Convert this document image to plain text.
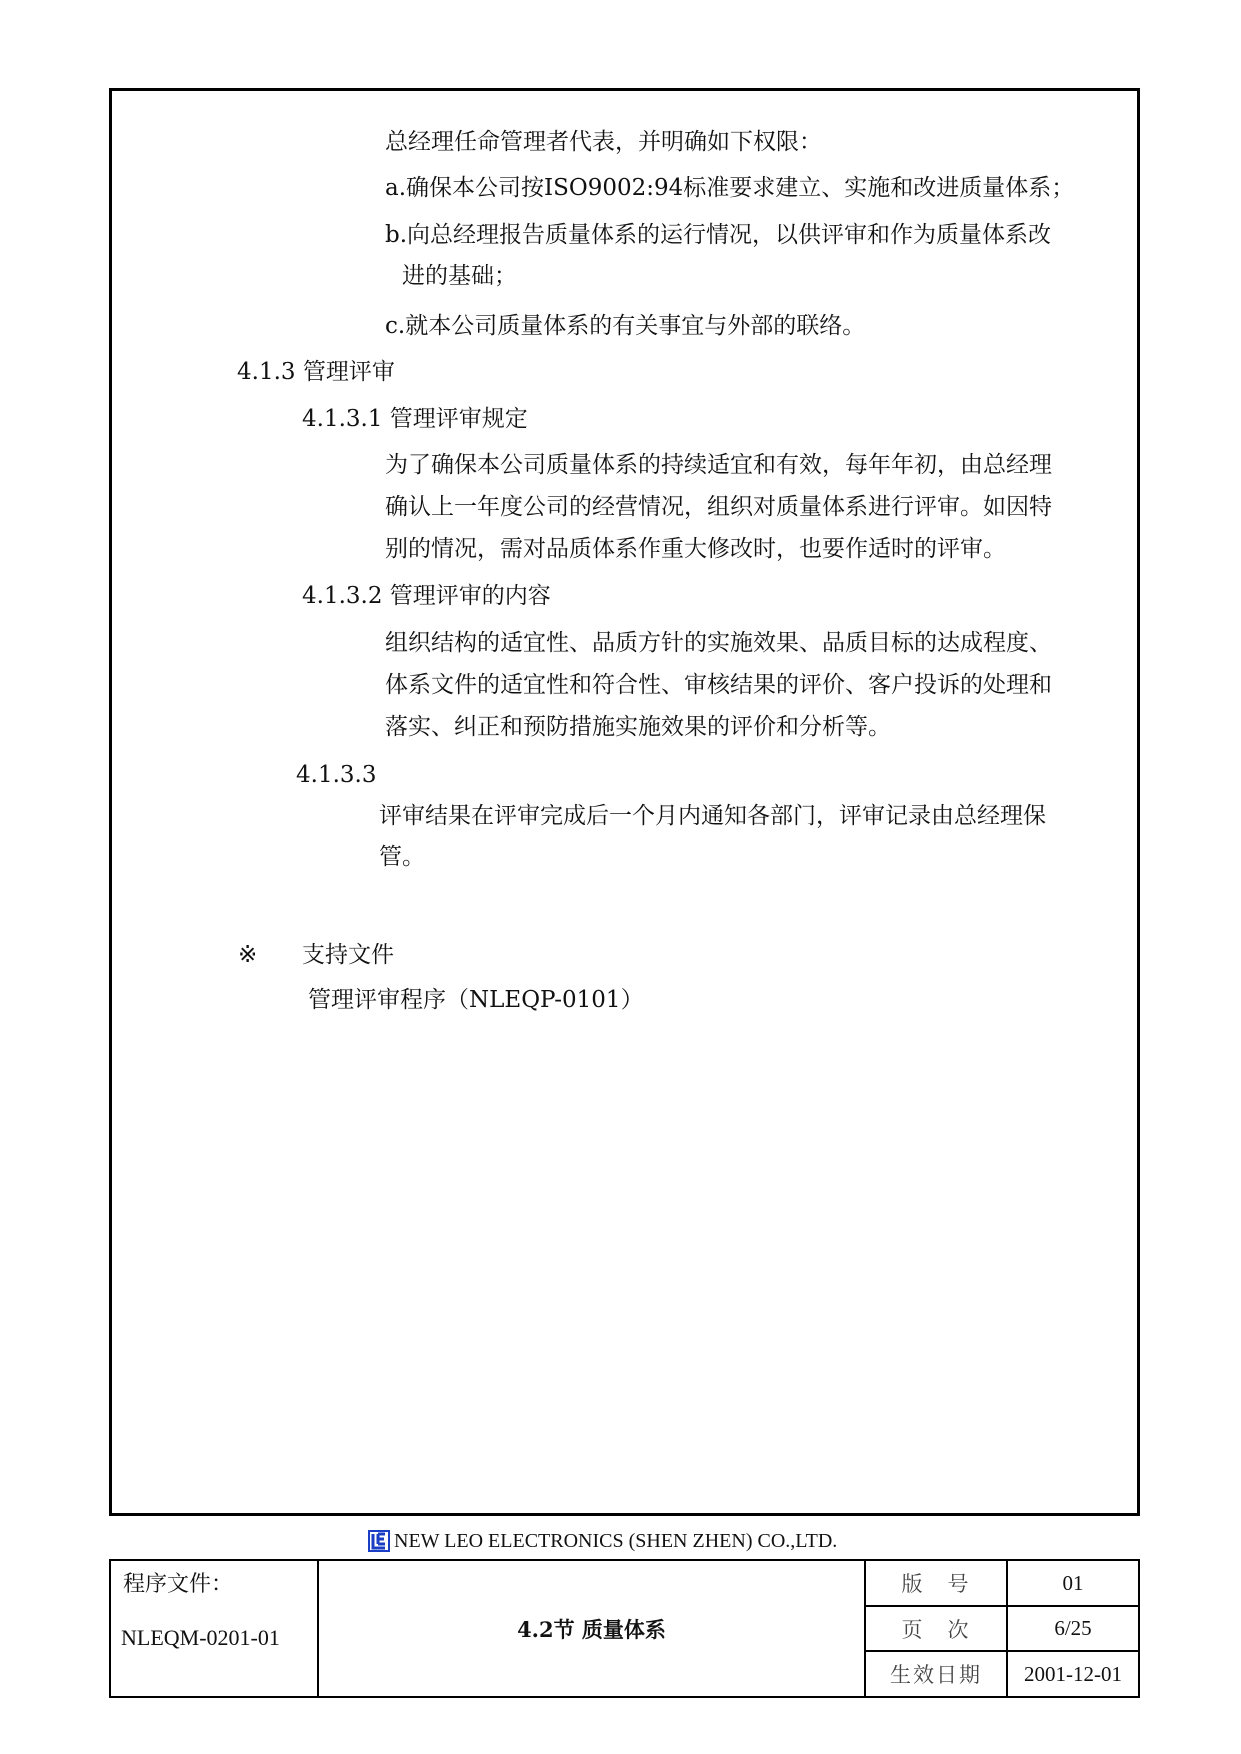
总经理任命管理者代表，并明确如下权限：
a.确保本公司按ISO9002:94标准要求建立、实施和改进质量体系；
b.向总经理报告质量体系的运行情况，以供评审和作为质量体系改
进的基础；
c.就本公司质量体系的有关事宜与外部的联络。
4.1.3 管理评审
4.1.3.1 管理评审规定
为了确保本公司质量体系的持续适宜和有效，每年年初，由总经理
确认上一年度公司的经营情况，组织对质量体系进行评审。如因特
别的情况，需对品质体系作重大修改时，也要作适时的评审。
4.1.3.2 管理评审的内容
组织结构的适宜性、品质方针的实施效果、品质目标的达成程度、
体系文件的适宜性和符合性、审核结果的评价、客户投诉的处理和
落实、纠正和预防措施实施效果的评价和分析等。
4.1.3.3
评审结果在评审完成后一个月内通知各部门，评审记录由总经理保
管。
※ 支持文件
管理评审程序（NLEQP-0101）
NEW LEO ELECTRONICS (SHEN ZHEN) CO.,LTD.
程序文件：
NLEQM-0201-01	4.2节 质量体系	版　号	01
		页　次	6/25
		生效日期	2001-12-01
